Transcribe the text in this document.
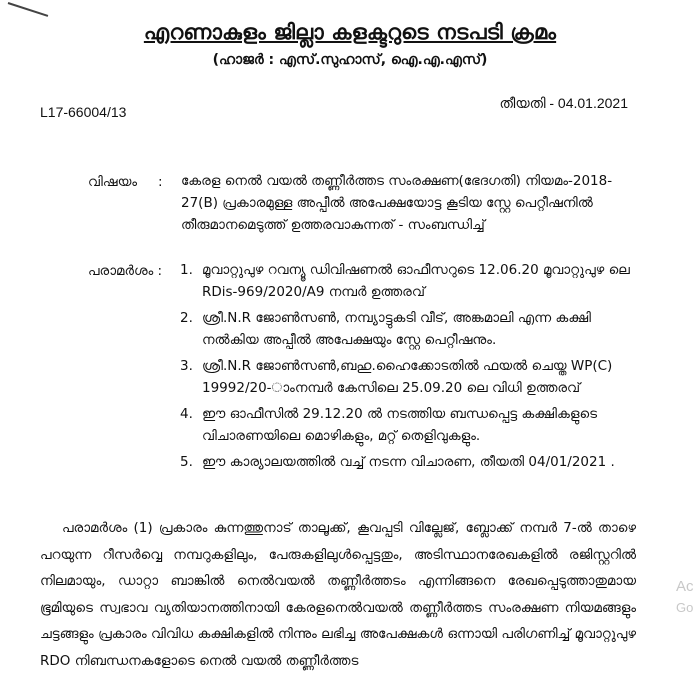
എറണാകുളം ജില്ലാ കളക്ടറുടെ നടപടി ക്രമം
(ഹാജർ : എസ്.സുഹാസ്, ഐ.എ.എസ്)
L17-66004/13
തീയതി - 04.01.2021
വിഷയം : കേരള നെൽ വയൽ തണ്ണീർത്തട സംരക്ഷണ(ഭേദഗതി) നിയമം-2018-27(B) പ്രകാരമുള്ള അപ്പീൽ അപേക്ഷയോട്ട കൂടിയ സ്റ്റേ പെറ്റീഷനിൽ തീരുമാനമെടുത്ത് ഉത്തരവാകുന്നത് - സംബന്ധിച്ച്
പരാമർശം : 1. മൂവാറ്റുപുഴ റവന്യൂ ഡിവിഷണൽ ഓഫീസറുടെ 12.06.20 മൂവാറ്റുപുഴ ലെ RDis-969/2020/A9 നമ്പർ ഉത്തരവ്
2. ശ്രീ.N.R ജോൺസൺ, നമ്പ്യാട്ടുകടി വീട്, അങ്കമാലി എന്ന കക്ഷി നൽകിയ അപ്പീൽ അപേക്ഷയും സ്റ്റേ പെറ്റീഷനും.
3. ശ്രീ.N.R ജോൺസൺ,ബഹു.ഹൈക്കോടതിൽ ഫയൽ ചെയ്ത WP(C) 19992/20-ാംനമ്പർ കേസിലെ 25.09.20 ലെ വിധി ഉത്തരവ്
4. ഈ ഓഫീസിൽ 29.12.20 ൽ നടത്തിയ ബന്ധപ്പെട്ട കക്ഷികളുടെ വിചാരണയിലെ മൊഴികളും, മറ്റ് തെളിവുകളും.
5. ഈ കാര്യാലയത്തിൽ വച്ച് നടന്ന വിചാരണ, തീയതി 04/01/2021 .
പരാമർശം (1) പ്രകാരം കുന്നത്തുനാട് താലൂക്ക്, കൂവപ്പടി വില്ലേജ്, ബ്ലോക്ക് നമ്പർ 7-ൽ താഴെ പറയുന്ന റീസർവ്വെ നമ്പറുകളിലും, പേരുകളിലുൾപ്പെട്ടതും, അടിസ്ഥാനരേഖകളിൽ രജിസ്റ്ററിൽ നിലമായും, ഡാറ്റാ ബാങ്കിൽ നെൽവയൽ തണ്ണീർത്തടം എന്നിങ്ങനെ രേഖപ്പെടുത്താതുമായ ഭൂമിയുടെ സ്വഭാവ വ്യതിയാനത്തിനായി കേരളനെൽവയൽ തണ്ണീർത്തട സംരക്ഷണ നിയമങ്ങളും ചട്ടങ്ങളും പ്രകാരം വിവിധ കക്ഷികളിൽ നിന്നും ലഭിച്ച അപേക്ഷകൾ ഒന്നായി പരിഗണിച്ച് മൂവാറ്റുപുഴ RDO നിബന്ധനകളോടെ നെൽ വയൽ തണ്ണീർത്തട
Ac
Go
